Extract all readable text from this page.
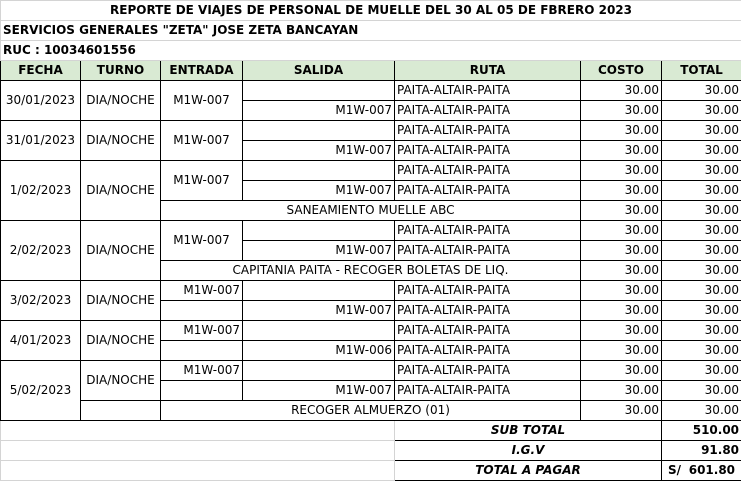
REPORTE DE VIAJES DE PERSONAL DE MUELLE DEL 30 AL 05 DE FBRERO 2023						
SERVICIOS GENERALES "ZETA" JOSE ZETA BANCAYAN						
RUC : 10034601556						
FECHA	TURNO	ENTRADA	SALIDA	RUTA	COSTO	TOTAL
30/01/2023	DIA/NOCHE	M1W-007		PAITA-ALTAIR-PAITA	30.00	30.00
			M1W-007	PAITA-ALTAIR-PAITA	30.00	30.00
31/01/2023	DIA/NOCHE	M1W-007		PAITA-ALTAIR-PAITA	30.00	30.00
			M1W-007	PAITA-ALTAIR-PAITA	30.00	30.00
1/02/2023	DIA/NOCHE	M1W-007		PAITA-ALTAIR-PAITA	30.00	30.00
			M1W-007	PAITA-ALTAIR-PAITA	30.00	30.00
		SANEAMIENTO MUELLE ABC			30.00	30.00
2/02/2023	DIA/NOCHE	M1W-007		PAITA-ALTAIR-PAITA	30.00	30.00
			M1W-007	PAITA-ALTAIR-PAITA	30.00	30.00
		CAPITANIA PAITA - RECOGER BOLETAS DE LIQ.			30.00	30.00
3/02/2023	DIA/NOCHE	M1W-007		PAITA-ALTAIR-PAITA	30.00	30.00
			M1W-007	PAITA-ALTAIR-PAITA	30.00	30.00
4/01/2023	DIA/NOCHE	M1W-007		PAITA-ALTAIR-PAITA	30.00	30.00
			M1W-006	PAITA-ALTAIR-PAITA	30.00	30.00
5/02/2023	DIA/NOCHE	M1W-007		PAITA-ALTAIR-PAITA	30.00	30.00
			M1W-007	PAITA-ALTAIR-PAITA	30.00	30.00
		RECOGER ALMUERZO (01)			30.00	30.00
				SUB TOTAL		510.00
				I.G.V		91.80
				TOTAL A PAGAR		S/ 601.80
